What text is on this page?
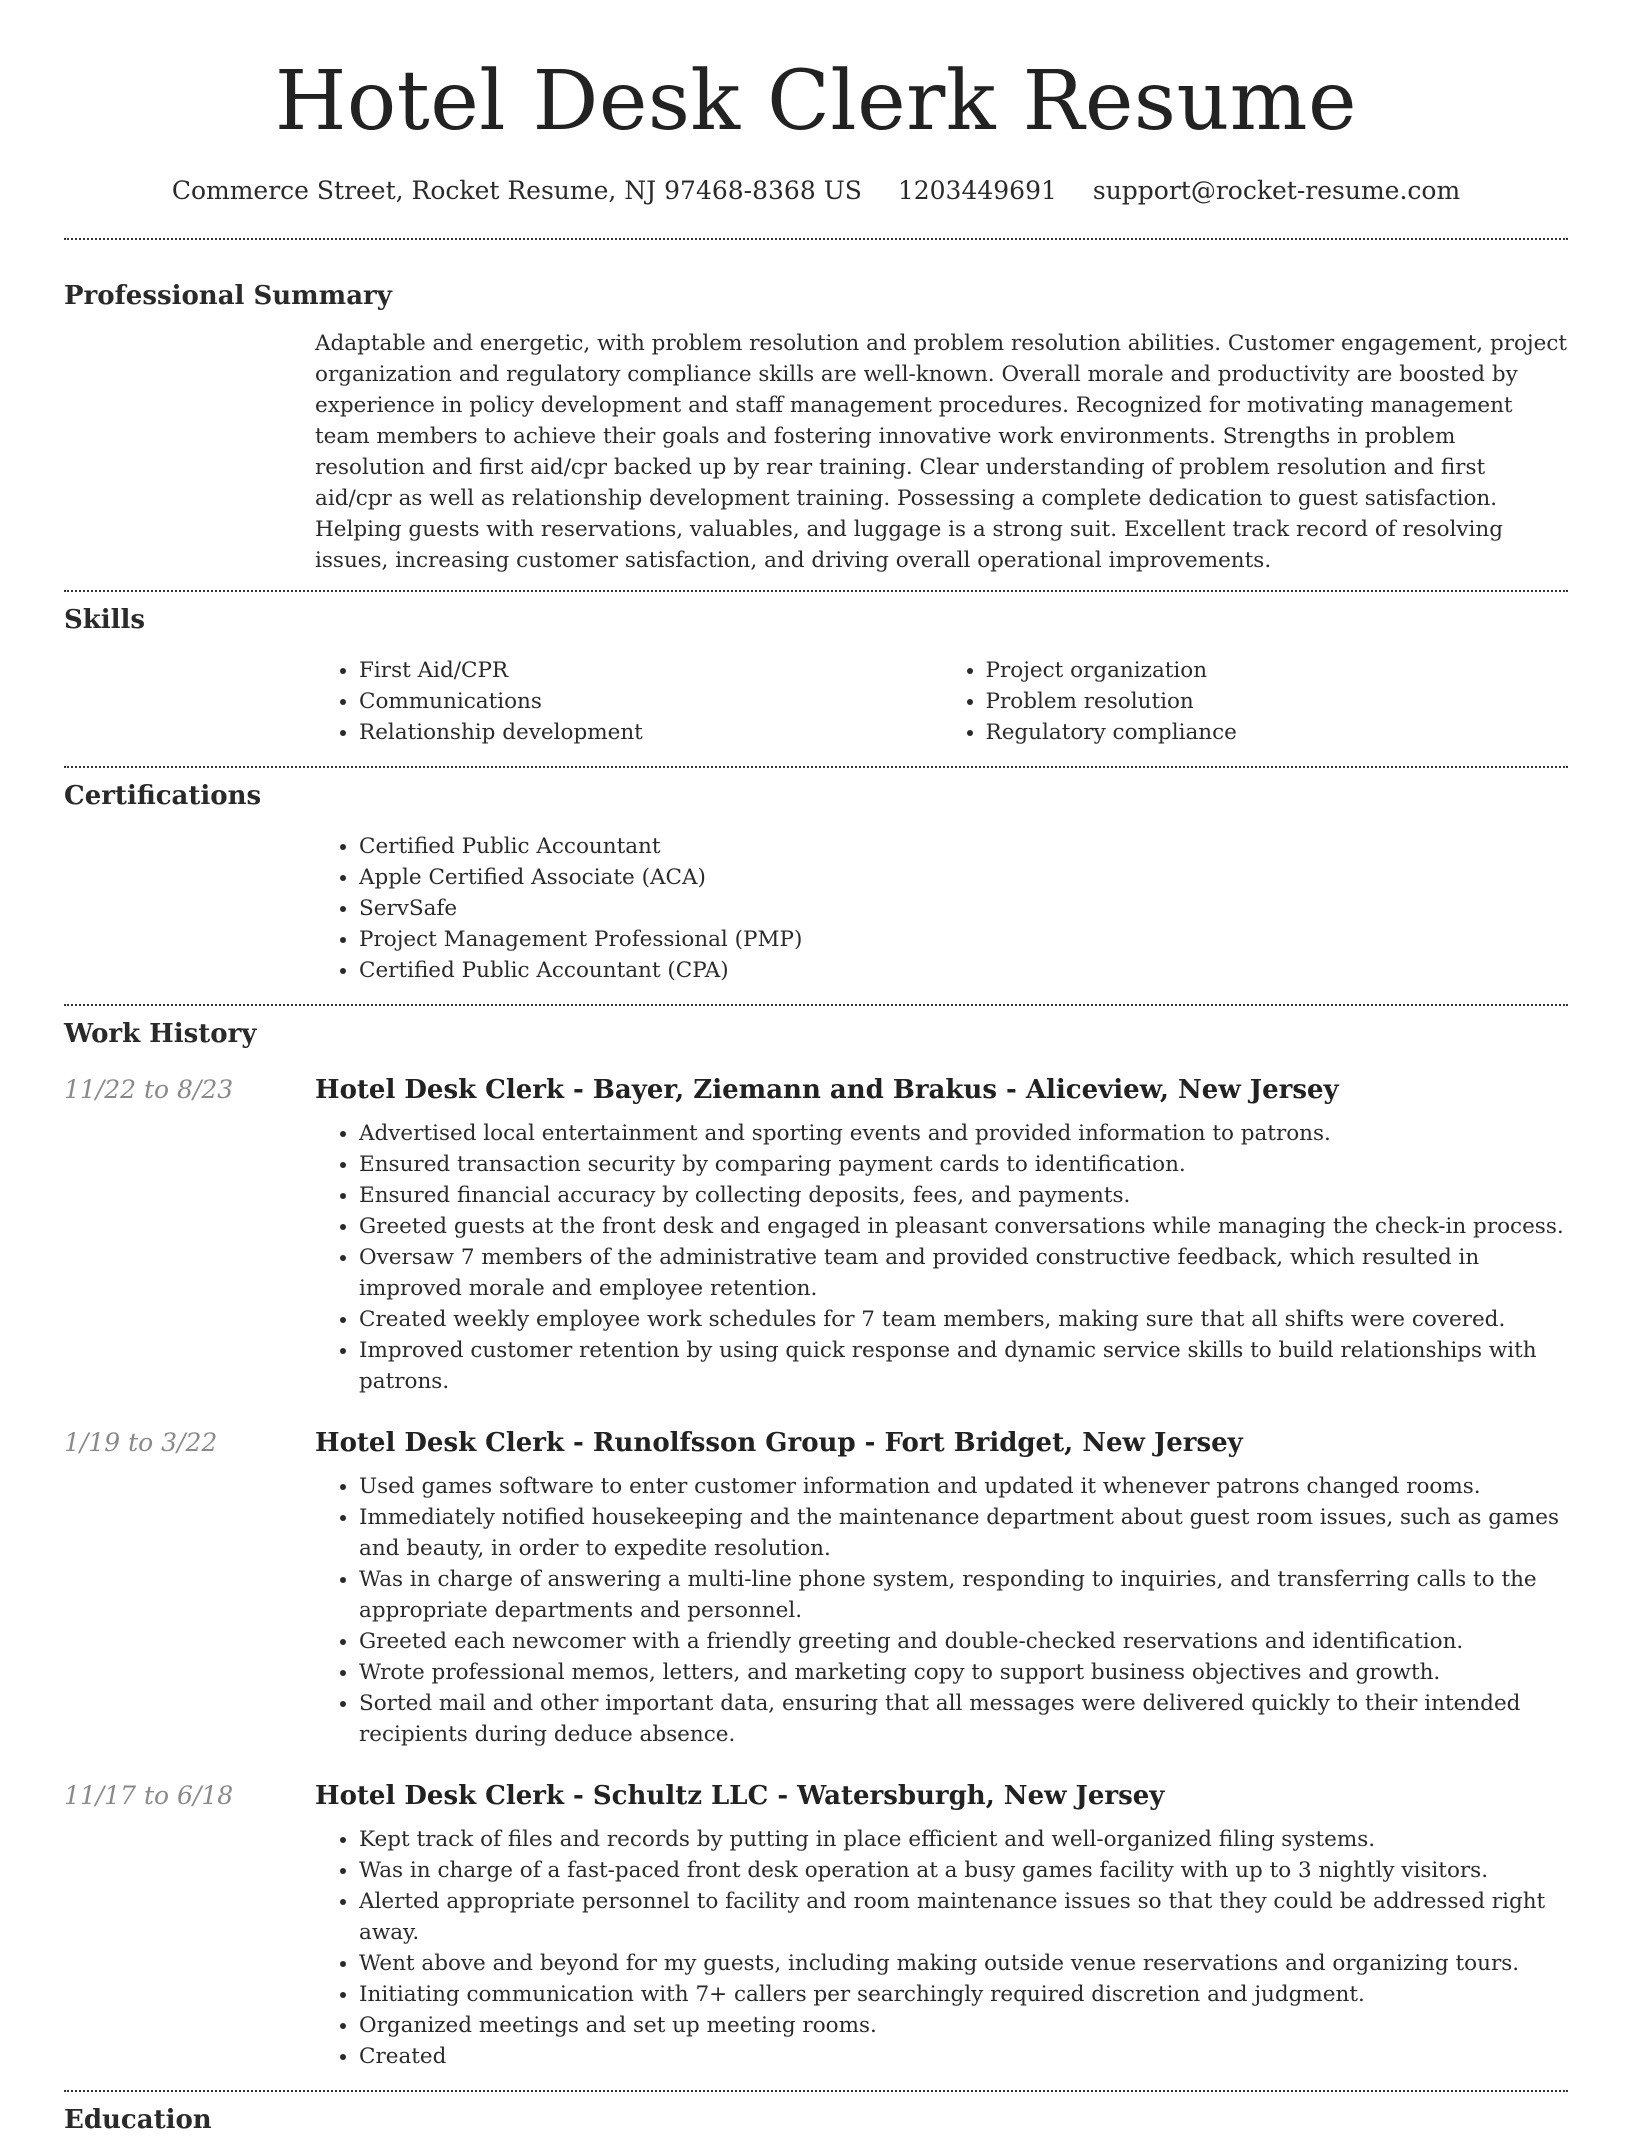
Hotel Desk Clerk Resume
Commerce Street, Rocket Resume, NJ 97468-8368 US 1203449691 support@rocket-resume.com
Professional Summary

Adaptable and energetic, with problem resolution and problem resolution abilities. Customer engagement, project organization and regulatory compliance skills are well-known. Overall morale and productivity are boosted by experience in policy development and staff management procedures. Recognized for motivating management team members to achieve their goals and fostering innovative work environments. Strengths in problem resolution and first aid/cpr backed up by rear training. Clear understanding of problem resolution and first aid/cpr as well as relationship development training. Possessing a complete dedication to guest satisfaction. Helping guests with reservations, valuables, and luggage is a strong suit. Excellent track record of resolving issues, increasing customer satisfaction, and driving overall operational improvements.

Skills
• First Aid/CPR
• Communications
• Relationship development
• Project organization
• Problem resolution
• Regulatory compliance
Certifications
• Certified Public Accountant
• Apple Certified Associate (ACA)
• ServSafe
• Project Management Professional (PMP)
• Certified Public Accountant (CPA)
Work History
11/22 to 8/23	Hotel Desk Clerk - Bayer, Ziemann and Brakus - Aliceview, New Jersey
• Advertised local entertainment and sporting events and provided information to patrons.
• Ensured transaction security by comparing payment cards to identification.
• Ensured financial accuracy by collecting deposits, fees, and payments.
• Greeted guests at the front desk and engaged in pleasant conversations while managing the check-in process.
• Oversaw 7 members of the administrative team and provided constructive feedback, which resulted in improved morale and employee retention.
• Created weekly employee work schedules for 7 team members, making sure that all shifts were covered.
• Improved customer retention by using quick response and dynamic service skills to build relationships with patrons.
1/19 to 3/22	Hotel Desk Clerk - Runolfsson Group - Fort Bridget, New Jersey
• Used games software to enter customer information and updated it whenever patrons changed rooms.
• Immediately notified housekeeping and the maintenance department about guest room issues, such as games and beauty, in order to expedite resolution.
• Was in charge of answering a multi-line phone system, responding to inquiries, and transferring calls to the appropriate departments and personnel.
• Greeted each newcomer with a friendly greeting and double-checked reservations and identification.
• Wrote professional memos, letters, and marketing copy to support business objectives and growth.
• Sorted mail and other important data, ensuring that all messages were delivered quickly to their intended recipients during deduce absence.
11/17 to 6/18	Hotel Desk Clerk - Schultz LLC - Watersburgh, New Jersey
• Kept track of files and records by putting in place efficient and well-organized filing systems.
• Was in charge of a fast-paced front desk operation at a busy games facility with up to 3 nightly visitors.
• Alerted appropriate personnel to facility and room maintenance issues so that they could be addressed right away.
• Went above and beyond for my guests, including making outside venue reservations and organizing tours.
• Initiating communication with 7+ callers per searchingly required discretion and judgment.
• Organized meetings and set up meeting rooms.
• Created
Education
